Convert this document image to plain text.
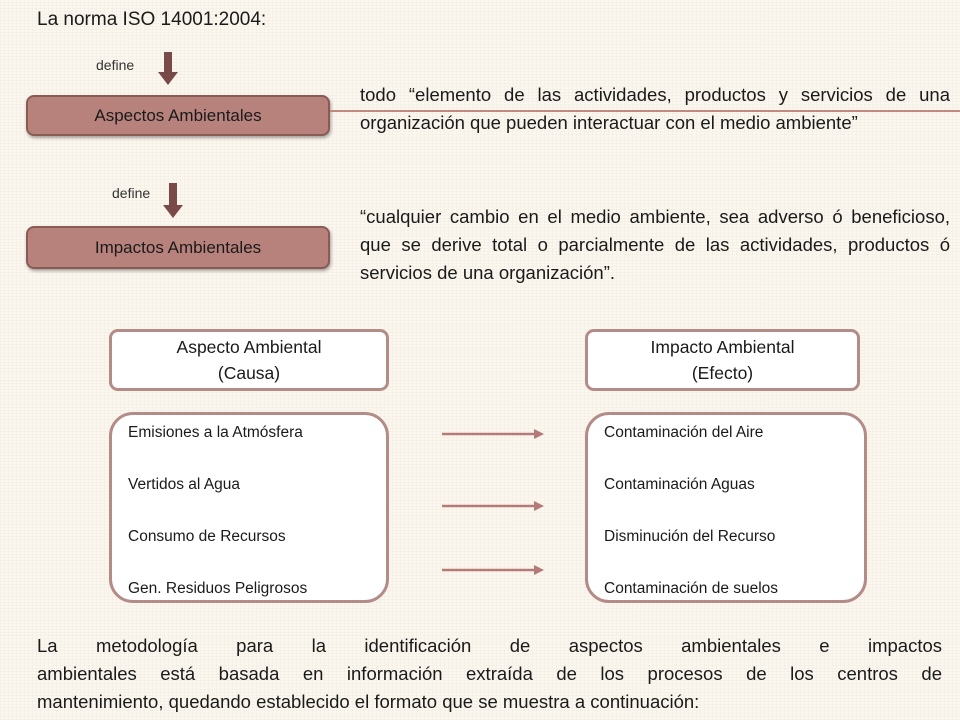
La norma ISO 14001:2004:
define
Aspectos Ambientales
todo “elemento de las actividades, productos y servicios de una organización que pueden interactuar con el medio ambiente”
define
Impactos Ambientales
“cualquier cambio en el medio ambiente, sea adverso ó beneficioso, que se derive total o parcialmente de las actividades, productos ó servicios de una organización”.
Aspecto Ambiental
(Causa)
Impacto Ambiental
(Efecto)
Emisiones a la Atmósfera
Vertidos al Agua
Consumo de Recursos
Gen. Residuos Peligrosos
Contaminación del Aire
Contaminación Aguas
Disminución del Recurso
Contaminación de suelos
La metodología para la identificación de aspectos ambientales e impactos
ambientales está basada en información extraída de los procesos de los centros de
mantenimiento, quedando establecido el formato que se muestra a continuación:
